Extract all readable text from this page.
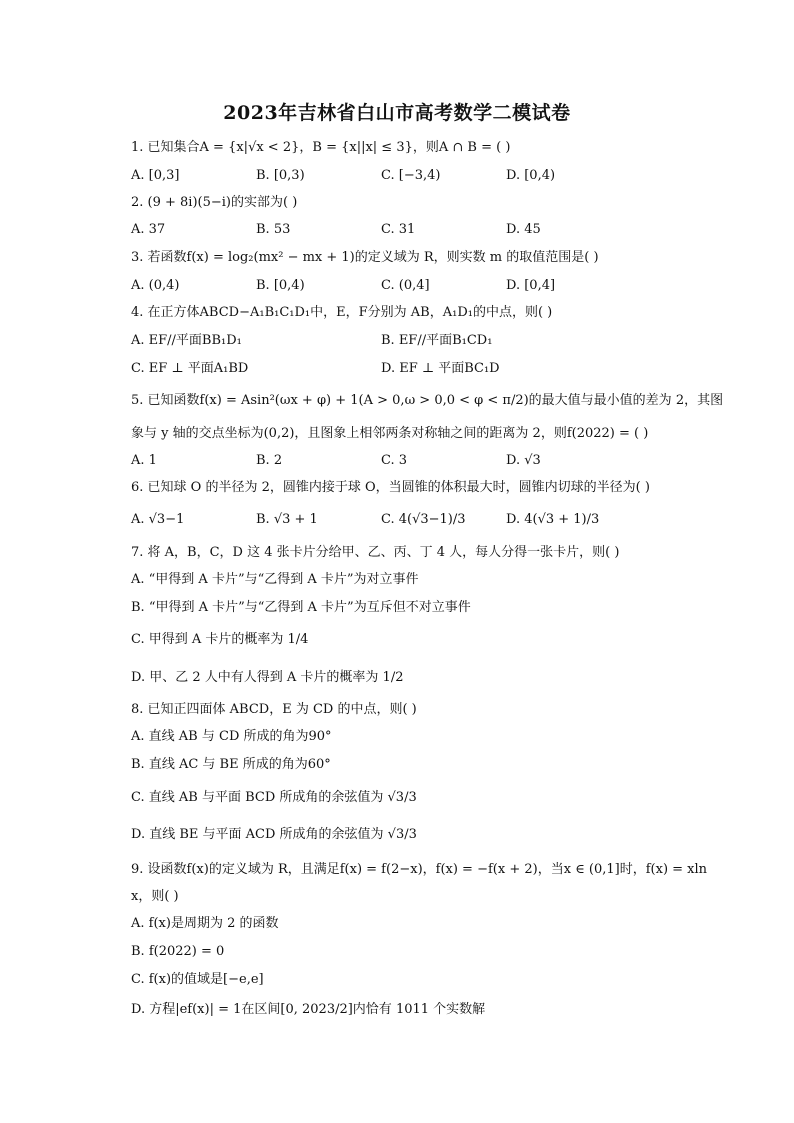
2023年吉林省白山市高考数学二模试卷
1. 已知集合A = {x|√x < 2}，B = {x||x| ≤ 3}，则A ∩ B = ( )
A. [0,3]	B. [0,3)	C. [−3,4)	D. [0,4)
2. (9 + 8i)(5−i)的实部为( )
A. 37	B. 53	C. 31	D. 45
3. 若函数f(x) = log₂(mx² − mx + 1)的定义域为 R，则实数 m 的取值范围是( )
A. (0,4)	B. [0,4)	C. (0,4]	D. [0,4]
4. 在正方体ABCD−A₁B₁C₁D₁中，E，F分别为 AB，A₁D₁的中点，则( )
A. EF//平面BB₁D₁	B. EF//平面B₁CD₁
C. EF ⊥ 平面A₁BD	D. EF ⊥ 平面BC₁D
5. 已知函数f(x) = Asin²(ωx + φ) + 1(A > 0,ω > 0,0 < φ < π/2)的最大值与最小值的差为 2，其图
象与 y 轴的交点坐标为(0,2)，且图象上相邻两条对称轴之间的距离为 2，则f(2022) = ( )
A. 1	B. 2	C. 3	D. √3
6. 已知球 O 的半径为 2，圆锥内接于球 O，当圆锥的体积最大时，圆锥内切球的半径为( )
A. √3−1	B. √3 + 1	C. 4(√3−1)/3	D. 4(√3 + 1)/3
7. 将 A，B，C，D 这 4 张卡片分给甲、乙、丙、丁 4 人，每人分得一张卡片，则( )
A. “甲得到 A 卡片”与“乙得到 A 卡片”为对立事件
B. “甲得到 A 卡片”与“乙得到 A 卡片”为互斥但不对立事件
C. 甲得到 A 卡片的概率为 1/4
D. 甲、乙 2 人中有人得到 A 卡片的概率为 1/2
8. 已知正四面体 ABCD，E 为 CD 的中点，则( )
A. 直线 AB 与 CD 所成的角为90°
B. 直线 AC 与 BE 所成的角为60°
C. 直线 AB 与平面 BCD 所成角的余弦值为 √3/3
D. 直线 BE 与平面 ACD 所成角的余弦值为 √3/3
9. 设函数f(x)的定义域为 R，且满足f(x) = f(2−x)，f(x) = −f(x + 2)，当x ∈ (0,1]时，f(x) = xln
x，则( )
A. f(x)是周期为 2 的函数
B. f(2022) = 0
C. f(x)的值域是[−e,e]
D. 方程|ef(x)| = 1在区间[0, 2023/2]内恰有 1011 个实数解
